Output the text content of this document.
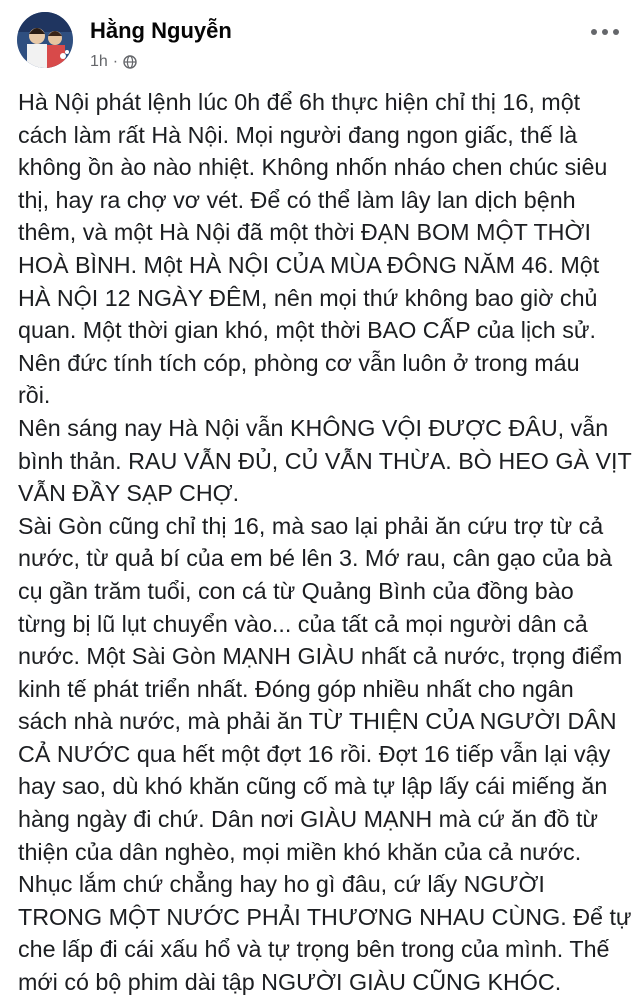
Hằng Nguyễn
1h ·

Hà Nội phát lệnh lúc 0h để 6h thực hiện chỉ thị 16, một
cách làm rất Hà Nội. Mọi người đang ngon giấc, thế là
không ồn ào nào nhiệt. Không nhốn nháo chen chúc siêu
thị, hay ra chợ vơ vét. Để có thể làm lây lan dịch bệnh
thêm, và một Hà Nội đã một thời ĐẠN BOM MỘT THỜI
HOÀ BÌNH. Một HÀ NỘI CỦA MÙA ĐÔNG NĂM 46. Một
HÀ NỘI 12 NGÀY ĐÊM, nên mọi thứ không bao giờ chủ
quan. Một thời gian khó, một thời BAO CẤP của lịch sử.
Nên đức tính tích cóp, phòng cơ vẫn luôn ở trong máu
rồi.

Nên sáng nay Hà Nội vẫn KHÔNG VỘI ĐƯỢC ĐÂU, vẫn
bình thản. RAU VẪN ĐỦ, CỦ VẪN THỪA. BÒ HEO GÀ VỊT
VẪN ĐẦY SẠP CHỢ.

Sài Gòn cũng chỉ thị 16, mà sao lại phải ăn cứu trợ từ cả
nước, từ quả bí của em bé lên 3. Mớ rau, cân gạo của bà
cụ gần trăm tuổi, con cá từ Quảng Bình của đồng bào
từng bị lũ lụt chuyển vào... của tất cả mọi người dân cả
nước. Một Sài Gòn MẠNH GIÀU nhất cả nước, trọng điểm
kinh tế phát triển nhất. Đóng góp nhiều nhất cho ngân
sách nhà nước, mà phải ăn TỪ THIỆN CỦA NGƯỜI DÂN
CẢ NƯỚC qua hết một đợt 16 rồi. Đợt 16 tiếp vẫn lại vậy
hay sao, dù khó khăn cũng cố mà tự lập lấy cái miếng ăn
hàng ngày đi chứ. Dân nơi GIÀU MẠNH mà cứ ăn đồ từ
thiện của dân nghèo, mọi miền khó khăn của cả nước.
Nhục lắm chứ chẳng hay ho gì đâu, cứ lấy NGƯỜI
TRONG MỘT NƯỚC PHẢI THƯƠNG NHAU CÙNG. Để tự
che lấp đi cái xấu hổ và tự trọng bên trong của mình. Thế
mới có bộ phim dài tập NGƯỜI GIÀU CŨNG KHÓC.
